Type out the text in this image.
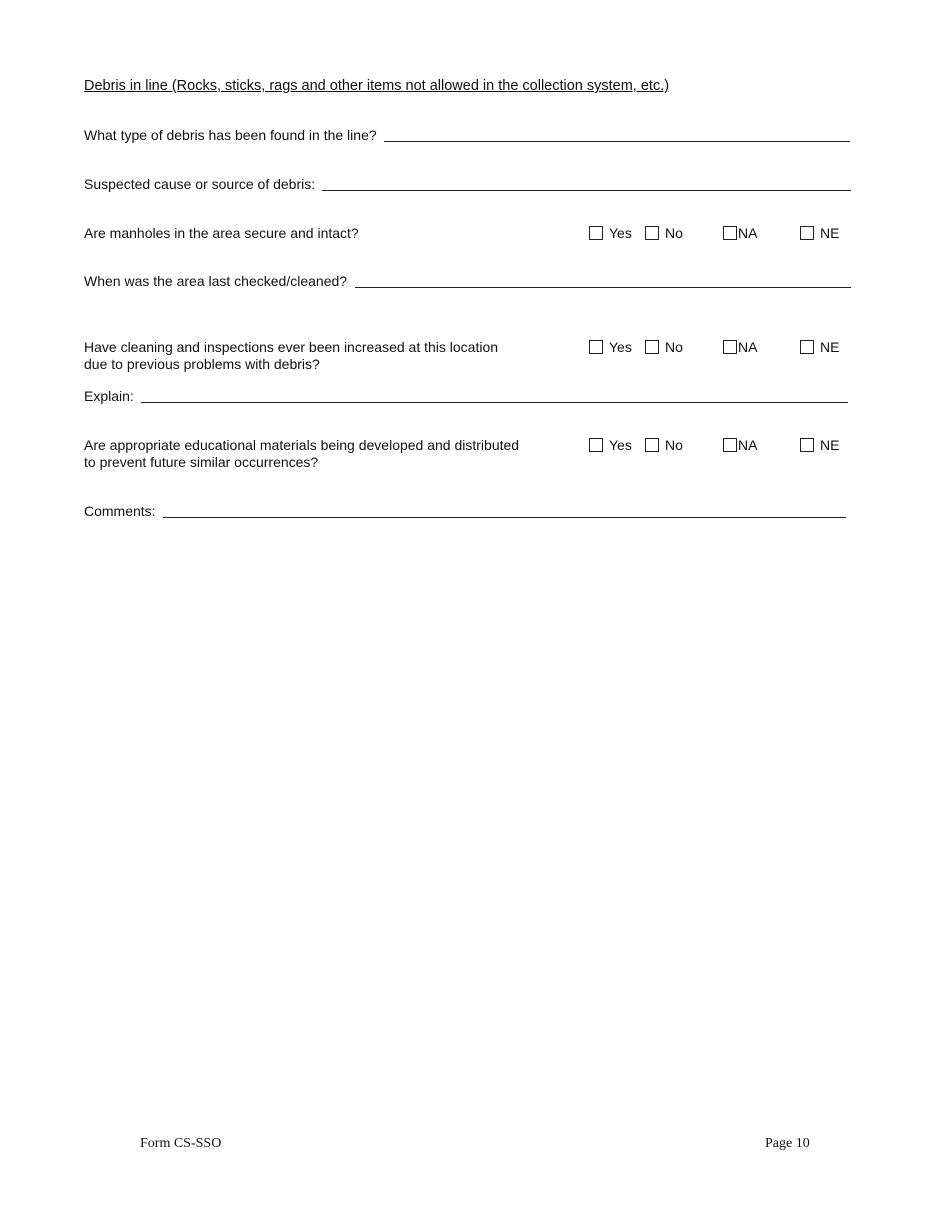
Debris in line (Rocks, sticks, rags and other items not allowed in the collection system, etc.)
What type of debris has been found in the line?
Suspected cause or source of debris:
Are manholes in the area secure and intact?	Yes No	NA	NE
When was the area last checked/cleaned?
Have cleaning and inspections ever been increased at this location
due to previous problems with debris?
Yes No	NA	NE
Explain:
Are appropriate educational materials being developed and distributed
to prevent future similar occurrences?
Yes No	NA	NE
Comments:
Form CS-SSO	Page 10
